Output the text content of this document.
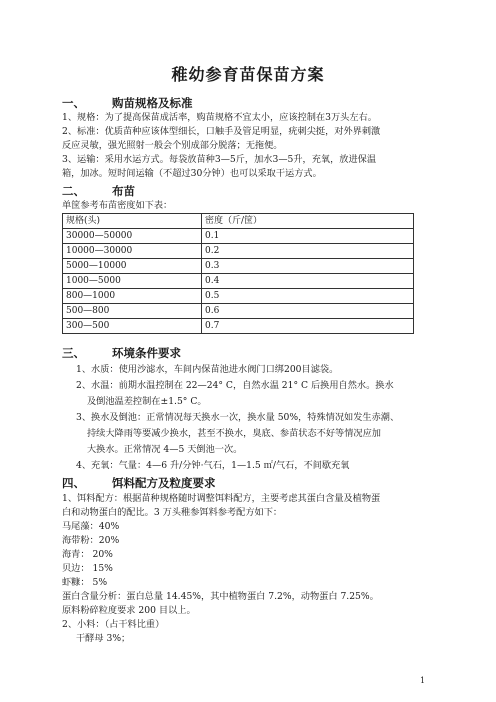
稚幼参育苗保苗方案
一、 购苗规格及标准
1、规格：为了提高保苗成活率，购苗规格不宜太小，应该控制在3万头左右。
2、标准：优质苗种应该体型细长，口触手及管足明显，疣刺尖挺，对外界刺激
反应灵敏，强光照射一般会个别成部分脱落；无拖便。
3、运输：采用水运方式。每袋放苗种3—5斤，加水3—5升，充氧，放进保温
箱，加冰。短时间运输（不超过30分钟）也可以采取干运方式。
二、 布苗
单筐参考布苗密度如下表：
规格(头)	密度（斤/筐）
30000—50000	0.1
10000—30000	0.2
5000—10000	0.3
1000—5000	0.4
800—1000	0.5
500—800	0.6
300—500	0.7
三、 环境条件要求
1、水质：使用沙滤水，车间内保苗池进水阀门口绑200目滤袋。
2、水温：前期水温控制在 22—24° C，自然水温 21° C 后换用自然水。换水
及倒池温差控制在±1.5° C。
3、换水及倒池：正常情况每天换水一次，换水量 50%，特殊情况如发生赤潮、
持续大降雨等要减少换水，甚至不换水，臭底、参苗状态不好等情况应加
大换水。正常情况 4—5 天倒池一次。
4、充氧：气量：4—6 升/分钟·气石，1—1.5 ㎡/气石，不间歇充氧
四、 饵料配方及粒度要求
1、饵料配方：根据苗种规格随时调整饵料配方，主要考虑其蛋白含量及植物蛋
白和动物蛋白的配比。3 万头稚参饵料参考配方如下：
马尾藻：40%
海带粉：20%
海青： 20%
贝边： 15%
虾糠： 5%
蛋白含量分析：蛋白总量 14.45%，其中植物蛋白 7.2%，动物蛋白 7.25%。
原料粉碎粒度要求 200 目以上。
2、小料：（占干料比重）
干酵母 3%；
1
